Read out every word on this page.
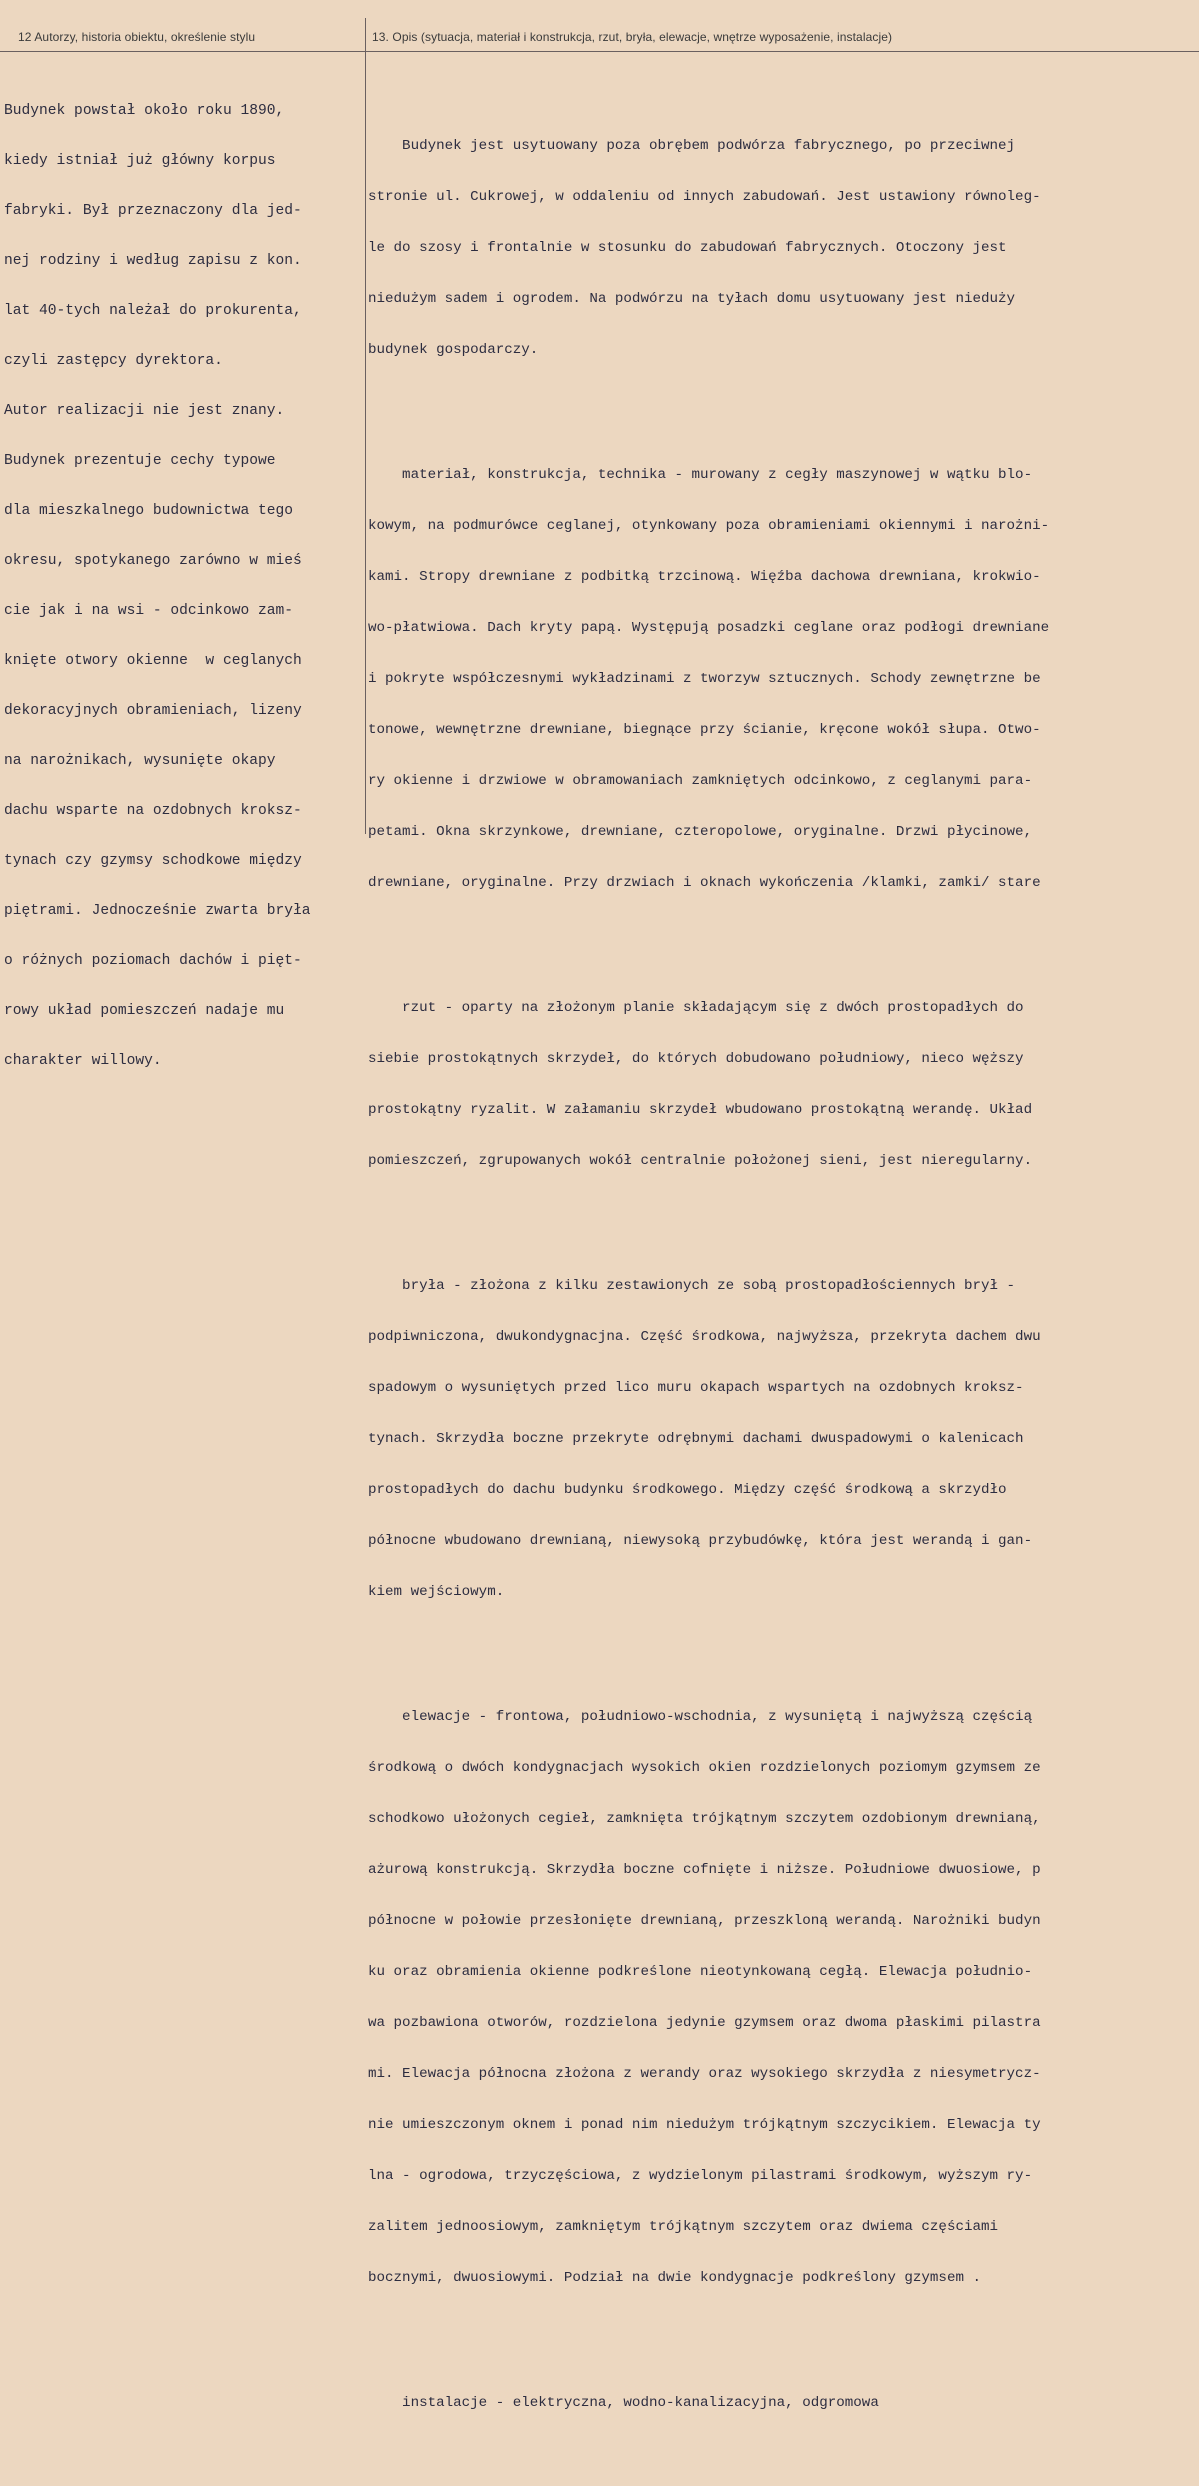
12 Autorzy, historia obiektu, określenie stylu	13. Opis (sytuacja, materiał i konstrukcja, rzut, bryła, elewacje, wnętrze wyposażenie, instalacje)

Budynek powstał około roku 1890,

kiedy istniał już główny korpus

fabryki. Był przeznaczony dla jed-

nej rodziny i według zapisu z kon.

lat 40-tych należał do prokurenta,

czyli zastępcy dyrektora.

Autor realizacji nie jest znany.

Budynek prezentuje cechy typowe

dla mieszkalnego budownictwa tego

okresu, spotykanego zarówno w mieś

cie jak i na wsi - odcinkowo zam-

knięte otwory okienne  w ceglanych

dekoracyjnych obramieniach, lizeny

na narożnikach, wysunięte okapy

dachu wsparte na ozdobnych kroksz-

tynach czy gzymsy schodkowe między

piętrami. Jednocześnie zwarta bryła

o różnych poziomach dachów i pięt-

rowy układ pomieszczeń nadaje mu

charakter willowy.

Budynek jest usytuowany poza obrębem podwórza fabrycznego, po przeciwnej

stronie ul. Cukrowej, w oddaleniu od innych zabudowań. Jest ustawiony równoleg-

le do szosy i frontalnie w stosunku do zabudowań fabrycznych. Otoczony jest

niedużym sadem i ogrodem. Na podwórzu na tyłach domu usytuowany jest nieduży

budynek gospodarczy.

materiał, konstrukcja, technika - murowany z cegły maszynowej w wątku blo-

kowym, na podmurówce ceglanej, otynkowany poza obramieniami okiennymi i narożni-

kami. Stropy drewniane z podbitką trzcinową. Więźba dachowa drewniana, krokwio-

wo-płatwiowa. Dach kryty papą. Występują posadzki ceglane oraz podłogi drewniane

i pokryte współczesnymi wykładzinami z tworzyw sztucznych. Schody zewnętrzne be

tonowe, wewnętrzne drewniane, biegnące przy ścianie, kręcone wokół słupa. Otwo-

ry okienne i drzwiowe w obramowaniach zamkniętych odcinkowo, z ceglanymi para-

petami. Okna skrzynkowe, drewniane, czteropolowe, oryginalne. Drzwi płycinowe,

drewniane, oryginalne. Przy drzwiach i oknach wykończenia /klamki, zamki/ stare

rzut - oparty na złożonym planie składającym się z dwóch prostopadłych do

siebie prostokątnych skrzydeł, do których dobudowano południowy, nieco węższy

prostokątny ryzalit. W załamaniu skrzydeł wbudowano prostokątną werandę. Układ

pomieszczeń, zgrupowanych wokół centralnie położonej sieni, jest nieregularny.

bryła - złożona z kilku zestawionych ze sobą prostopadłościennych brył -

podpiwniczona, dwukondygnacjna. Część środkowa, najwyższa, przekryta dachem dwu

spadowym o wysuniętych przed lico muru okapach wspartych na ozdobnych kroksz-

tynach. Skrzydła boczne przekryte odrębnymi dachami dwuspadowymi o kalenicach

prostopadłych do dachu budynku środkowego. Między część środkową a skrzydło

północne wbudowano drewnianą, niewysoką przybudówkę, która jest werandą i gan-

kiem wejściowym.

elewacje - frontowa, południowo-wschodnia, z wysuniętą i najwyższą częścią

środkową o dwóch kondygnacjach wysokich okien rozdzielonych poziomym gzymsem ze

schodkowo ułożonych cegieł, zamknięta trójkątnym szczytem ozdobionym drewnianą,

ażurową konstrukcją. Skrzydła boczne cofnięte i niższe. Południowe dwuosiowe, p

północne w połowie przesłonięte drewnianą, przeszkloną werandą. Narożniki budyn

ku oraz obramienia okienne podkreślone nieotynkowaną cegłą. Elewacja południo-

wa pozbawiona otworów, rozdzielona jedynie gzymsem oraz dwoma płaskimi pilastra

mi. Elewacja północna złożona z werandy oraz wysokiego skrzydła z niesymetrycz-

nie umieszczonym oknem i ponad nim niedużym trójkątnym szczycikiem. Elewacja ty

lna - ogrodowa, trzyczęściowa, z wydzielonym pilastrami środkowym, wyższym ry-

zalitem jednoosiowym, zamkniętym trójkątnym szczytem oraz dwiema częściami

bocznymi, dwuosiowymi. Podział na dwie kondygnacje podkreślony gzymsem .

instalacje - elektryczna, wodno-kanalizacyjna, odgromowa
